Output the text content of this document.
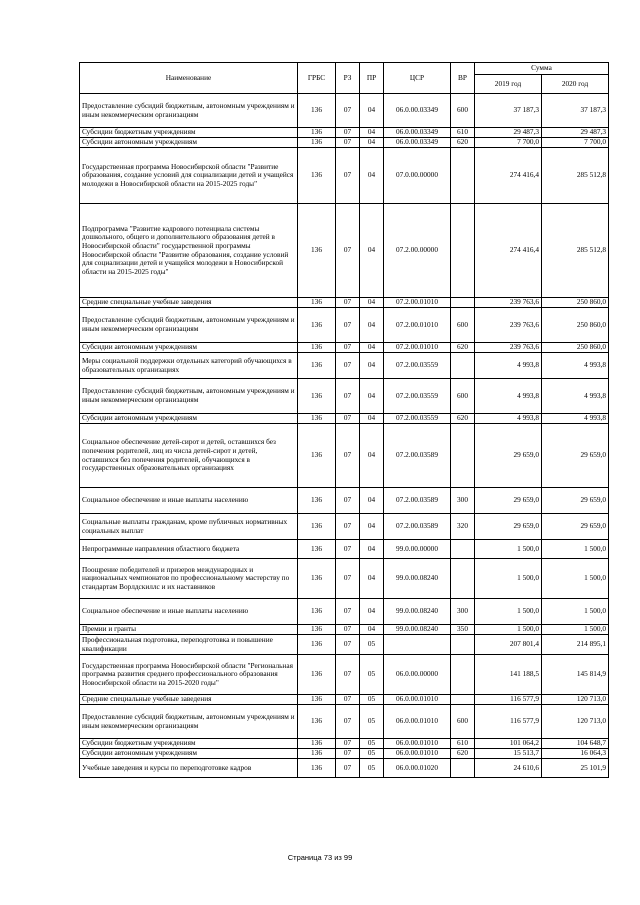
Наименование	ГРБС	РЗ	ПР	ЦСР	ВР	Сумма	
						2019 год	2020 год
Предоставление субсидий бюджетным, автономным учреждениям и иным некоммерческим организациям	136	07	04	06.0.00.03349	600	37 187,3	37 187,3
Субсидии бюджетным учреждениям	136	07	04	06.0.00.03349	610	29 487,3	29 487,3
Субсидии автономным учреждениям	136	07	04	06.0.00.03349	620	7 700,0	7 700,0
Государственная программа Новосибирской области "Развитие образования, создание условий для социализации детей и учащейся молодежи в Новосибирской области на 2015-2025 годы"	136	07	04	07.0.00.00000		274 416,4	285 512,8
Подпрограмма "Развитие кадрового потенциала системы дошкольного, общего и дополнительного образования детей в Новосибирской области" государственной программы Новосибирской области "Развитие образования, создание условий для социализации детей и учащейся молодежи в Новосибирской области на 2015-2025 годы"	136	07	04	07.2.00.00000		274 416,4	285 512,8
Средние специальные учебные заведения	136	07	04	07.2.00.01010		239 763,6	250 860,0
Предоставление субсидий бюджетным, автономным учреждениям и иным некоммерческим организациям	136	07	04	07.2.00.01010	600	239 763,6	250 860,0
Субсидии автономным учреждениям	136	07	04	07.2.00.01010	620	239 763,6	250 860,0
Меры социальной поддержки отдельных категорий обучающихся в образовательных организациях	136	07	04	07.2.00.03559		4 993,8	4 993,8
Предоставление субсидий бюджетным, автономным учреждениям и иным некоммерческим организациям	136	07	04	07.2.00.03559	600	4 993,8	4 993,8
Субсидии автономным учреждениям	136	07	04	07.2.00.03559	620	4 993,8	4 993,8
Социальное обеспечение детей-сирот и детей, оставшихся без попечения родителей, лиц из числа детей-сирот и детей, оставшихся без попечения родителей, обучающихся в государственных образовательных организациях	136	07	04	07.2.00.03589		29 659,0	29 659,0
Социальное обеспечение и иные выплаты населению	136	07	04	07.2.00.03589	300	29 659,0	29 659,0
Социальные выплаты гражданам, кроме публичных нормативных социальных выплат	136	07	04	07.2.00.03589	320	29 659,0	29 659,0
Непрограммные направления областного бюджета	136	07	04	99.0.00.00000		1 500,0	1 500,0
Поощрение победителей и призеров международных и национальных чемпионатов по профессиональному мастерству по стандартам Ворлдскиллс и их наставников	136	07	04	99.0.00.08240		1 500,0	1 500,0
Социальное обеспечение и иные выплаты населению	136	07	04	99.0.00.08240	300	1 500,0	1 500,0
Премии и гранты	136	07	04	99.0.00.08240	350	1 500,0	1 500,0
Профессиональная подготовка, переподготовка и повышение квалификации	136	07	05			207 801,4	214 895,1
Государственная программа Новосибирской области "Региональная программа развития среднего профессионального образования Новосибирской области на 2015-2020 годы"	136	07	05	06.0.00.00000		141 188,5	145 814,9
Средние специальные учебные заведения	136	07	05	06.0.00.01010		116 577,9	120 713,0
Предоставление субсидий бюджетным, автономным учреждениям и иным некоммерческим организациям	136	07	05	06.0.00.01010	600	116 577,9	120 713,0
Субсидии бюджетным учреждениям	136	07	05	06.0.00.01010	610	101 064,2	104 648,7
Субсидии автономным учреждениям	136	07	05	06.0.00.01010	620	15 513,7	16 064,3
Учебные заведения и курсы по переподготовке кадров	136	07	05	06.0.00.01020		24 610,6	25 101,9
Страница 73 из 99
